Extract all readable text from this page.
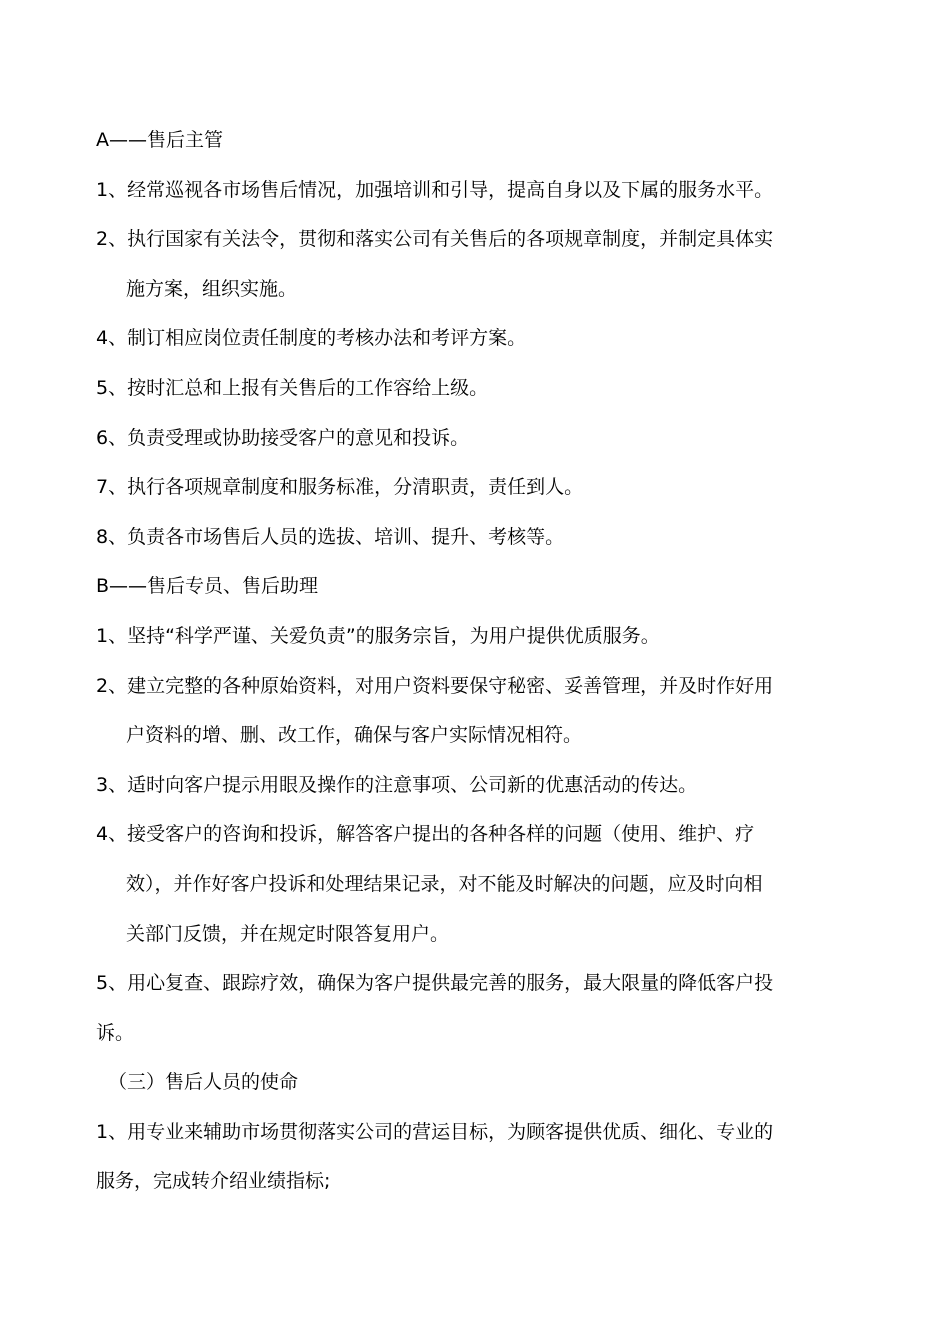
A——售后主管
1、经常巡视各市场售后情况，加强培训和引导，提高自身以及下属的服务水平。
2、执行国家有关法令，贯彻和落实公司有关售后的各项规章制度，并制定具体实
施方案，组织实施。
4、制订相应岗位责任制度的考核办法和考评方案。
5、按时汇总和上报有关售后的工作容给上级。
6、负责受理或协助接受客户的意见和投诉。
7、执行各项规章制度和服务标准，分清职责，责任到人。
8、负责各市场售后人员的选拔、培训、提升、考核等。
B——售后专员、售后助理
1、坚持“科学严谨、关爱负责”的服务宗旨，为用户提供优质服务。
2、建立完整的各种原始资料，对用户资料要保守秘密、妥善管理，并及时作好用
户资料的增、删、改工作，确保与客户实际情况相符。
3、适时向客户提示用眼及操作的注意事项、公司新的优惠活动的传达。
4、接受客户的咨询和投诉，解答客户提出的各种各样的问题（使用、维护、疗
效），并作好客户投诉和处理结果记录，对不能及时解决的问题，应及时向相
关部门反馈，并在规定时限答复用户。
5、用心复查、跟踪疗效，确保为客户提供最完善的服务，最大限量的降低客户投
诉。
（三）售后人员的使命
1、用专业来辅助市场贯彻落实公司的营运目标，为顾客提供优质、细化、专业的
服务，完成转介绍业绩指标;
